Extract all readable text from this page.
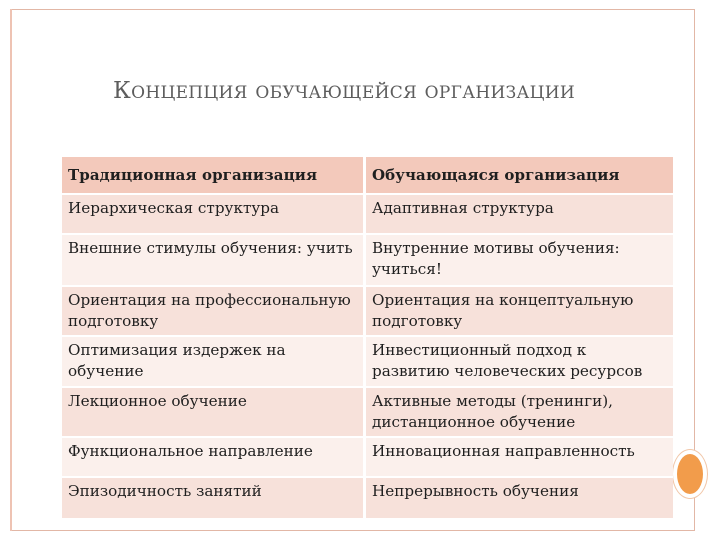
КОНЦЕПЦИЯ ОБУЧАЮЩЕЙСЯ ОРГАНИЗАЦИИ
Традиционная организация	Обучающаяся организация
Иерархическая структура	Адаптивная структура
Внешние стимулы обучения: учить	Внутренние мотивы обучения: учиться!
Ориентация на профессиональную подготовку	Ориентация на концептуальную подготовку
Оптимизация издержек на обучение	Инвестиционный подход к развитию человеческих ресурсов
Лекционное обучение	Активные методы (тренинги), дистанционное обучение
Функциональное направление	Инновационная направленность
Эпизодичность занятий	Непрерывность обучения
